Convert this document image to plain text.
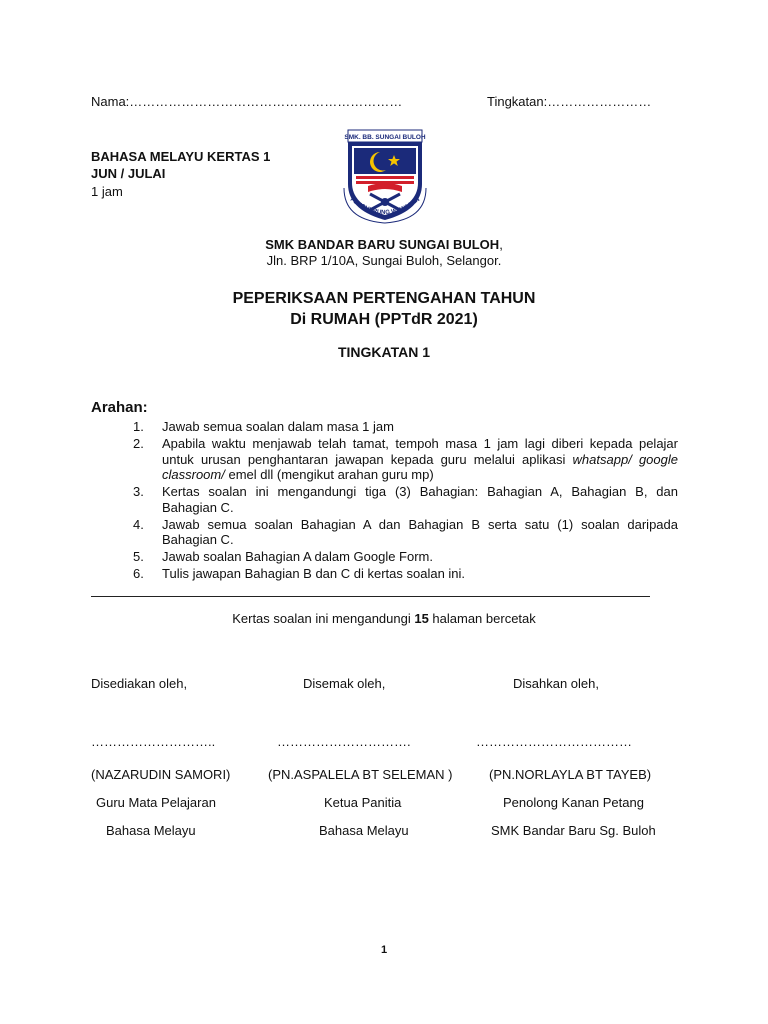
Nama:………………………………………………………	Tingkatan:……………………
BAHASA MELAYU KERTAS 1
JUN / JULAI
1 jam
SMK. BB. SUNGAI BULOH
PENGHURUNG WAWASAN
SMK BANDAR BARU SUNGAI BULOH,
Jln. BRP 1/10A, Sungai Buloh, Selangor.
PEPERIKSAAN PERTENGAHAN TAHUN
Di RUMAH (PPTdR 2021)
TINGKATAN 1
Arahan:
1. Jawab semua soalan dalam masa 1 jam
2. Apabila waktu menjawab telah tamat, tempoh masa 1 jam lagi diberi kepada pelajar untuk urusan penghantaran jawapan kepada guru melalui aplikasi whatsapp/ google classroom/ emel dll (mengikut arahan guru mp)
3. Kertas soalan ini mengandungi tiga (3) Bahagian: Bahagian A, Bahagian B, dan Bahagian C.
4. Jawab semua soalan Bahagian A dan Bahagian B serta satu (1) soalan daripada Bahagian C.
5. Jawab soalan Bahagian A dalam Google Form.
6. Tulis jawapan Bahagian B dan C di kertas soalan ini.
Kertas soalan ini mengandungi 15 halaman bercetak
Disediakan oleh,
………………………..
(NAZARUDIN SAMORI)
Guru Mata Pelajaran
Bahasa Melayu
Disemak oleh,
………………………….
(PN.ASPALELA BT SELEMAN )
Ketua Panitia
Bahasa Melayu
Disahkan oleh,
………………………………
(PN.NORLAYLA BT TAYEB)
Penolong Kanan Petang
SMK Bandar Baru Sg. Buloh
1
